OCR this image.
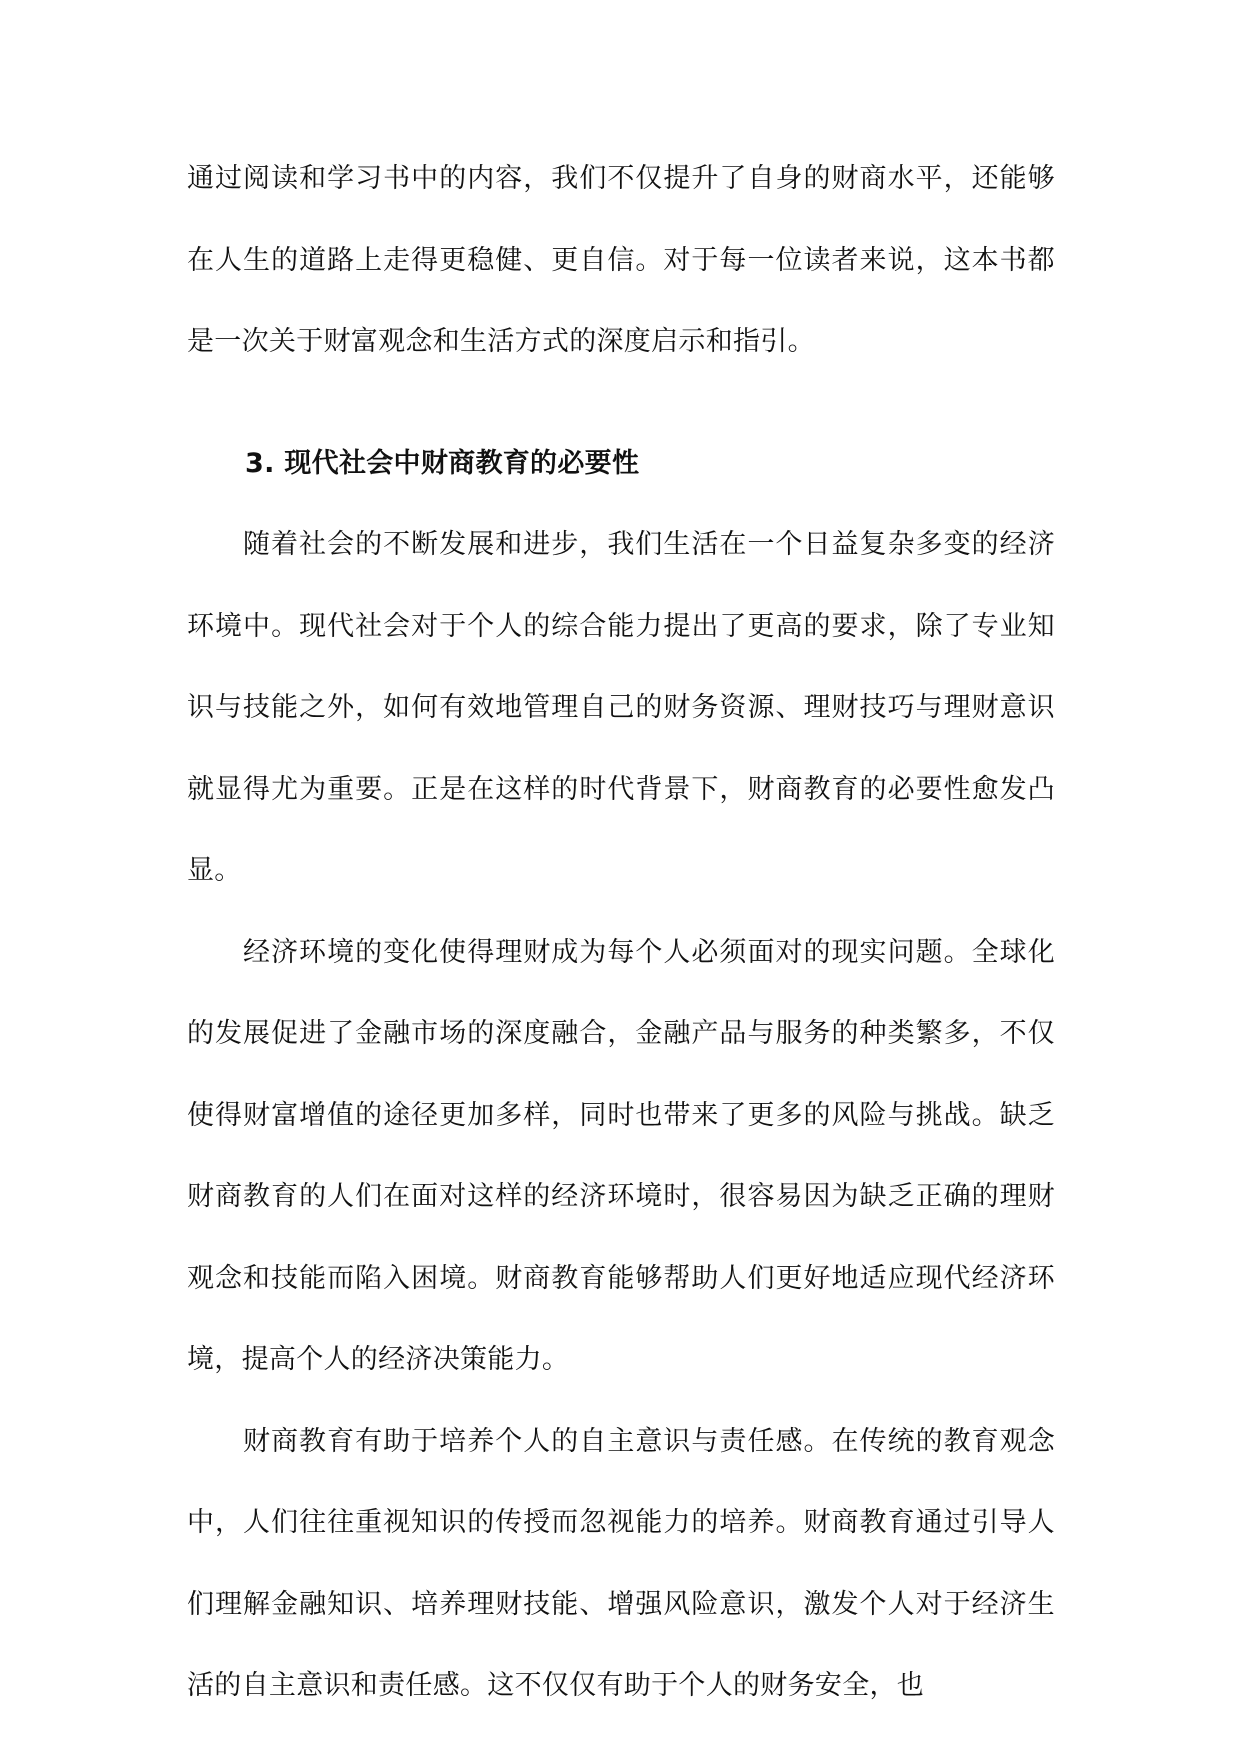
通过阅读和学习书中的内容，我们不仅提升了自身的财商水平，还能够在人生的道路上走得更稳健、更自信。对于每一位读者来说，这本书都是一次关于财富观念和生活方式的深度启示和指引。

3. 现代社会中财商教育的必要性

随着社会的不断发展和进步，我们生活在一个日益复杂多变的经济环境中。现代社会对于个人的综合能力提出了更高的要求，除了专业知识与技能之外，如何有效地管理自己的财务资源、理财技巧与理财意识就显得尤为重要。正是在这样的时代背景下，财商教育的必要性愈发凸显。

经济环境的变化使得理财成为每个人必须面对的现实问题。全球化的发展促进了金融市场的深度融合，金融产品与服务的种类繁多，不仅使得财富增值的途径更加多样，同时也带来了更多的风险与挑战。缺乏财商教育的人们在面对这样的经济环境时，很容易因为缺乏正确的理财观念和技能而陷入困境。财商教育能够帮助人们更好地适应现代经济环境，提高个人的经济决策能力。

财商教育有助于培养个人的自主意识与责任感。在传统的教育观念中，人们往往重视知识的传授而忽视能力的培养。财商教育通过引导人们理解金融知识、培养理财技能、增强风险意识，激发个人对于经济生活的自主意识和责任感。这不仅仅有助于个人的财务安全，也
